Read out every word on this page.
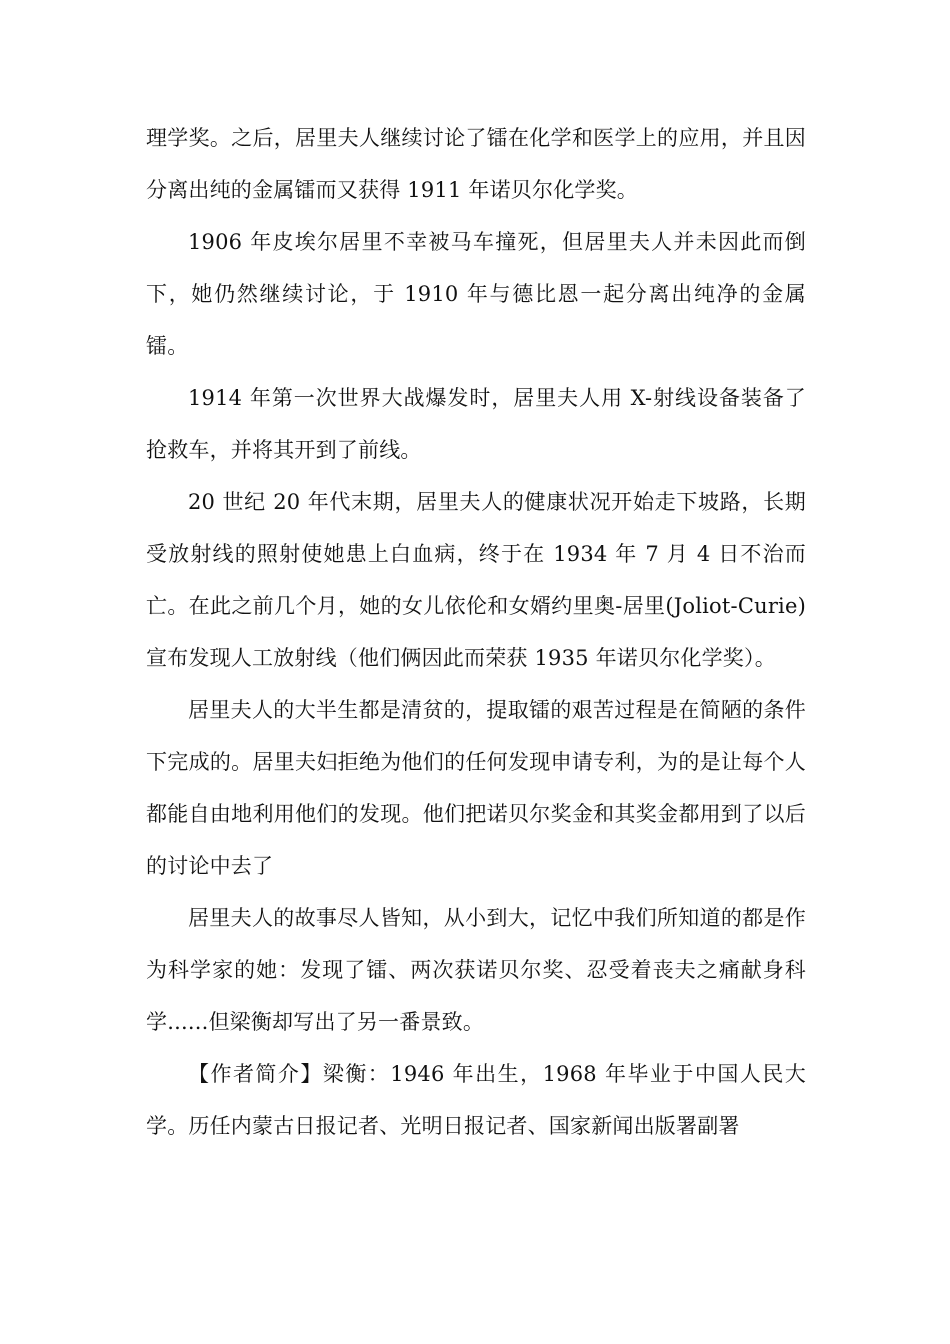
理学奖。之后，居里夫人继续讨论了镭在化学和医学上的应用，并且因分离出纯的金属镭而又获得 1911 年诺贝尔化学奖。

1906 年皮埃尔居里不幸被马车撞死，但居里夫人并未因此而倒下，她仍然继续讨论，于 1910 年与德比恩一起分离出纯净的金属镭。

1914 年第一次世界大战爆发时，居里夫人用 X-射线设备装备了抢救车，并将其开到了前线。

20 世纪 20 年代末期，居里夫人的健康状况开始走下坡路，长期受放射线的照射使她患上白血病，终于在 1934 年 7 月 4 日不治而亡。在此之前几个月，她的女儿依伦和女婿约里奥-居里(Joliot-Curie)宣布发现人工放射线（他们俩因此而荣获 1935 年诺贝尔化学奖）。

居里夫人的大半生都是清贫的，提取镭的艰苦过程是在简陋的条件下完成的。居里夫妇拒绝为他们的任何发现申请专利，为的是让每个人都能自由地利用他们的发现。他们把诺贝尔奖金和其奖金都用到了以后的讨论中去了

居里夫人的故事尽人皆知，从小到大，记忆中我们所知道的都是作为科学家的她：发现了镭、两次获诺贝尔奖、忍受着丧夫之痛献身科学......但梁衡却写出了另一番景致。

【作者简介】梁衡：1946 年出生，1968 年毕业于中国人民大学。历任内蒙古日报记者、光明日报记者、国家新闻出版署副署
